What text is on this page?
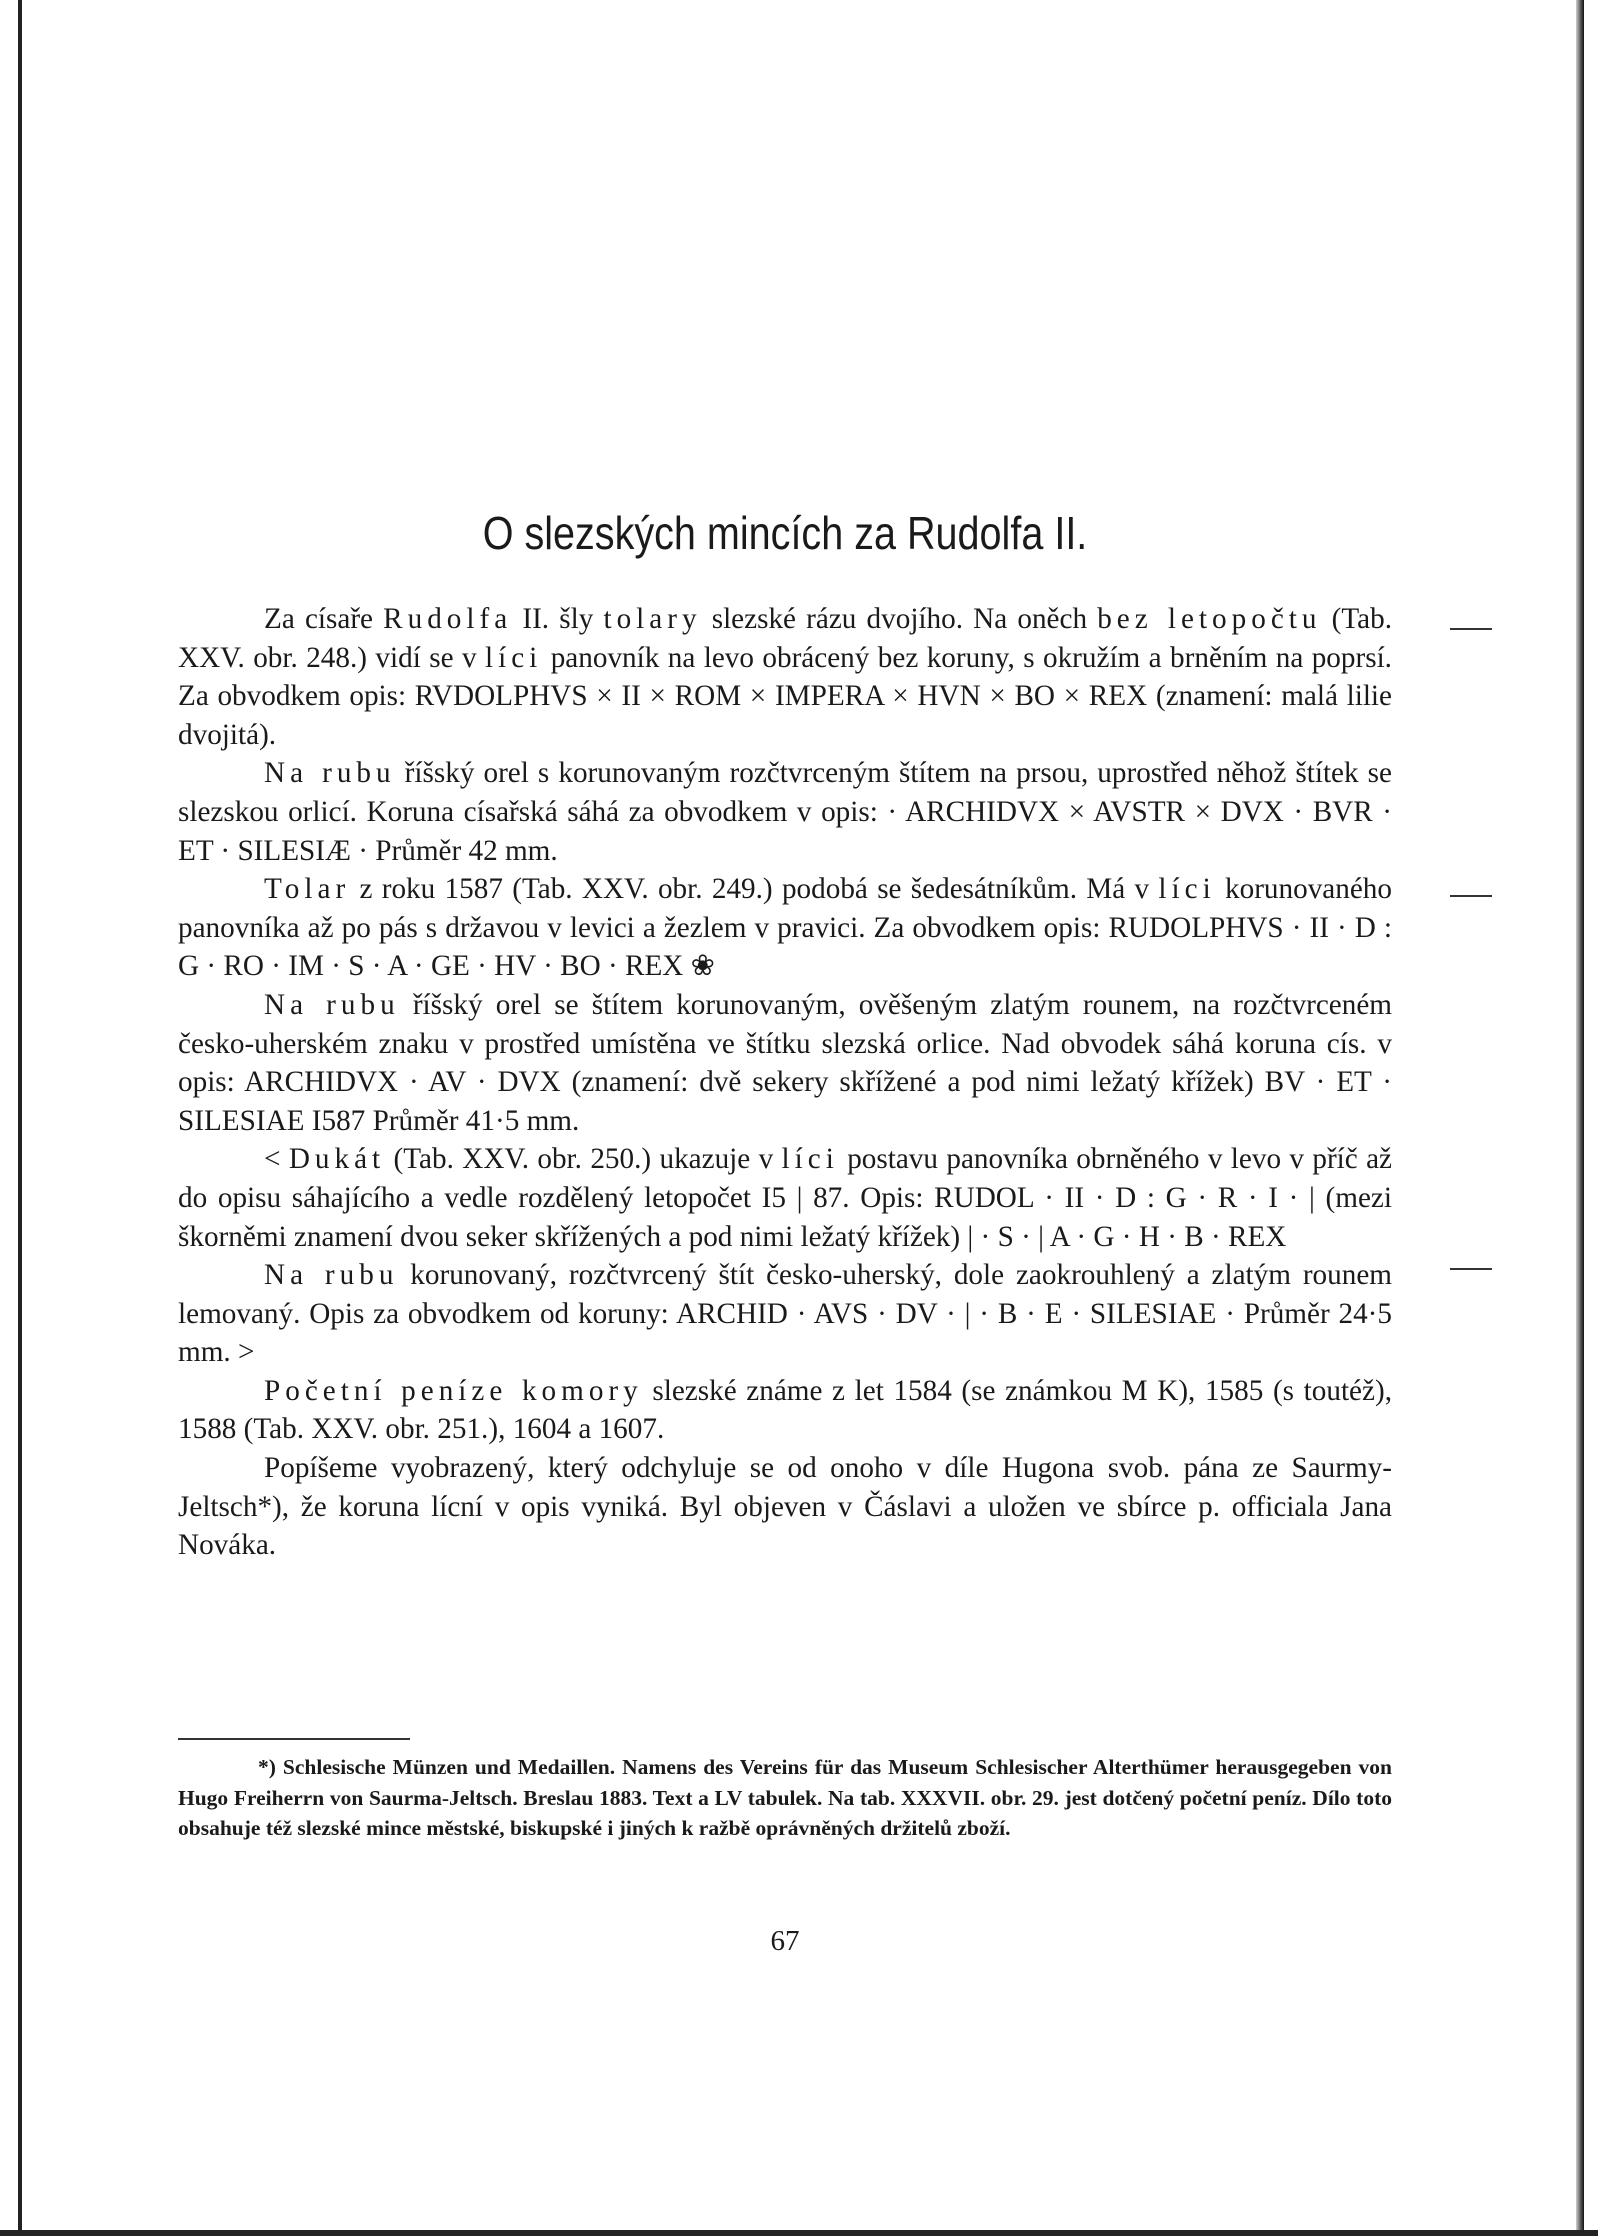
O slezských mincích za Rudolfa II.

Za císaře Rudolfa II. šly tolary slezské rázu dvojího. Na oněch bez letopočtu (Tab. XXV. obr. 248.) vidí se v líci panovník na levo obrácený bez koruny, s okružím a brněním na poprsí. Za obvodkem opis: RVDOLPHVS × II × ROM × IMPERA × HVN × BO × REX (znamení: malá lilie dvojitá).

Na rubu říšský orel s korunovaným rozčtvrceným štítem na prsou, uprostřed něhož štítek se slezskou orlicí. Koruna císařská sáhá za obvodkem v opis: · ARCHIDVX × AVSTR × DVX · BVR · ET · SILESIÆ · Průměr 42 mm.

Tolar z roku 1587 (Tab. XXV. obr. 249.) podobá se šedesátníkům. Má v líci korunovaného panovníka až po pás s državou v levici a žezlem v pravici. Za obvodkem opis: RUDOLPHVS · II · D : G · RO · IM · S · A · GE · HV · BO · REX ❀

Na rubu říšský orel se štítem korunovaným, ověšeným zlatým rounem, na rozčtvrceném česko-uherském znaku v prostřed umístěna ve štítku slezská orlice. Nad obvodek sáhá koruna cís. v opis: ARCHIDVX · AV · DVX (znamení: dvě sekery skřížené a pod nimi ležatý křížek) BV · ET · SILESIAE I587 Průměr 41·5 mm.

< Dukát (Tab. XXV. obr. 250.) ukazuje v líci postavu panovníka obrněného v levo v příč až do opisu sáhajícího a vedle rozdělený letopočet I5 | 87. Opis: RUDOL · II · D : G · R · I · | (mezi škorněmi znamení dvou seker skřížených a pod nimi ležatý křížek) | · S · | A · G · H · B · REX

Na rubu korunovaný, rozčtvrcený štít česko-uherský, dole zaokrouhlený a zlatým rounem lemovaný. Opis za obvodkem od koruny: ARCHID · AVS · DV · | · B · E · SILESIAE · Průměr 24·5 mm. >

Početní peníze komory slezské známe z let 1584 (se známkou M K), 1585 (s toutéž), 1588 (Tab. XXV. obr. 251.), 1604 a 1607.

Popíšeme vyobrazený, který odchyluje se od onoho v díle Hugona svob. pána ze Saurmy-Jeltsch*), že koruna lícní v opis vyniká. Byl objeven v Čáslavi a uložen ve sbírce p. officiala Jana Nováka.

*) Schlesische Münzen und Medaillen. Namens des Vereins für das Museum Schlesischer Alterthümer herausgegeben von Hugo Freiherrn von Saurma-Jeltsch. Breslau 1883. Text a LV tabulek. Na tab. XXXVII. obr. 29. jest dotčený početní peníz. Dílo toto obsahuje též slezské mince městské, biskupské i jiných k ražbě oprávněných držitelů zboží.

67
